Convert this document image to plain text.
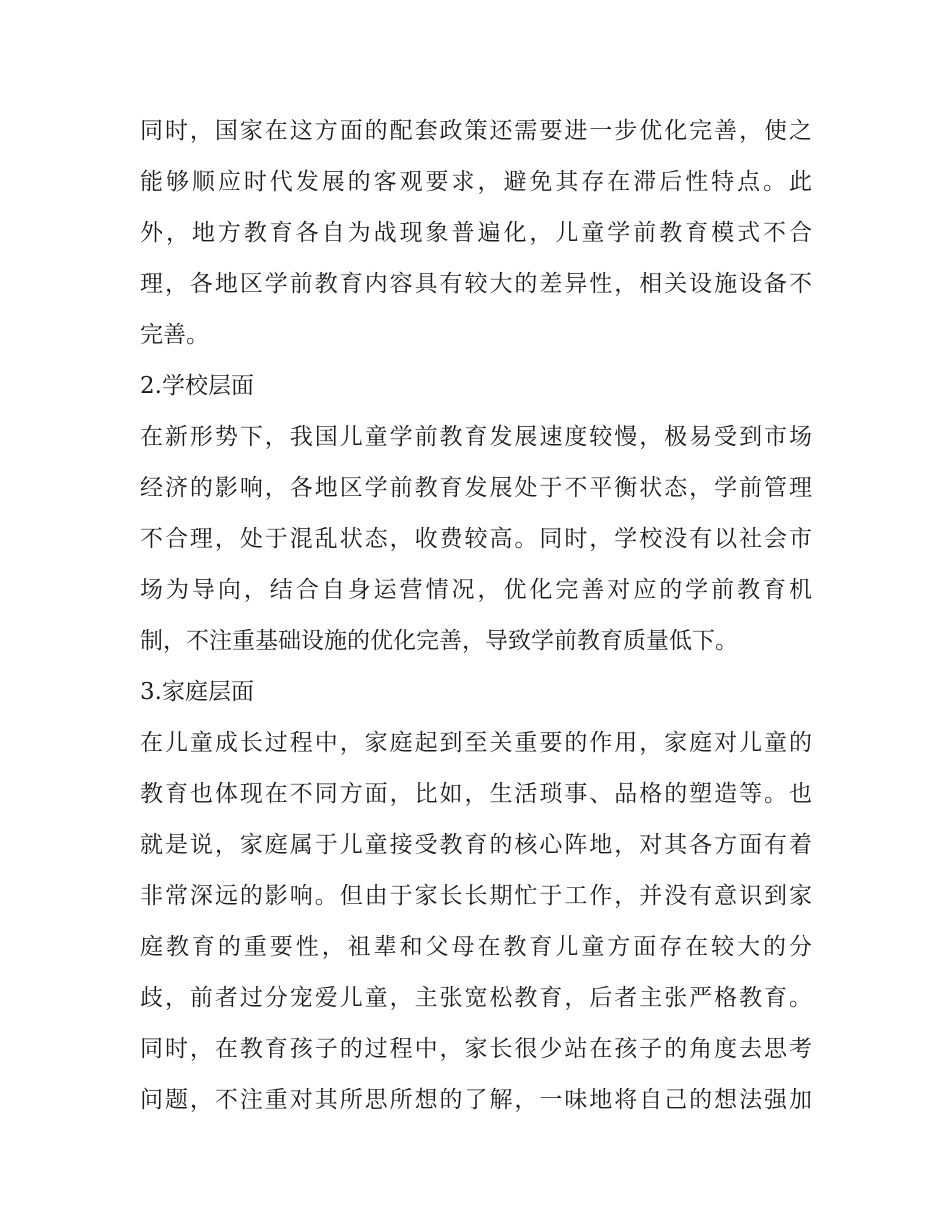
同时，国家在这方面的配套政策还需要进一步优化完善，使之
能够顺应时代发展的客观要求，避免其存在滞后性特点。此
外，地方教育各自为战现象普遍化，儿童学前教育模式不合
理，各地区学前教育内容具有较大的差异性，相关设施设备不
完善。
2.学校层面
在新形势下，我国儿童学前教育发展速度较慢，极易受到市场
经济的影响，各地区学前教育发展处于不平衡状态，学前管理
不合理，处于混乱状态，收费较高。同时，学校没有以社会市
场为导向，结合自身运营情况，优化完善对应的学前教育机
制，不注重基础设施的优化完善，导致学前教育质量低下。
3.家庭层面
在儿童成长过程中，家庭起到至关重要的作用，家庭对儿童的
教育也体现在不同方面，比如，生活琐事、品格的塑造等。也
就是说，家庭属于儿童接受教育的核心阵地，对其各方面有着
非常深远的影响。但由于家长长期忙于工作，并没有意识到家
庭教育的重要性，祖辈和父母在教育儿童方面存在较大的分
歧，前者过分宠爱儿童，主张宽松教育，后者主张严格教育。
同时，在教育孩子的过程中，家长很少站在孩子的角度去思考
问题，不注重对其所思所想的了解，一味地将自己的想法强加
